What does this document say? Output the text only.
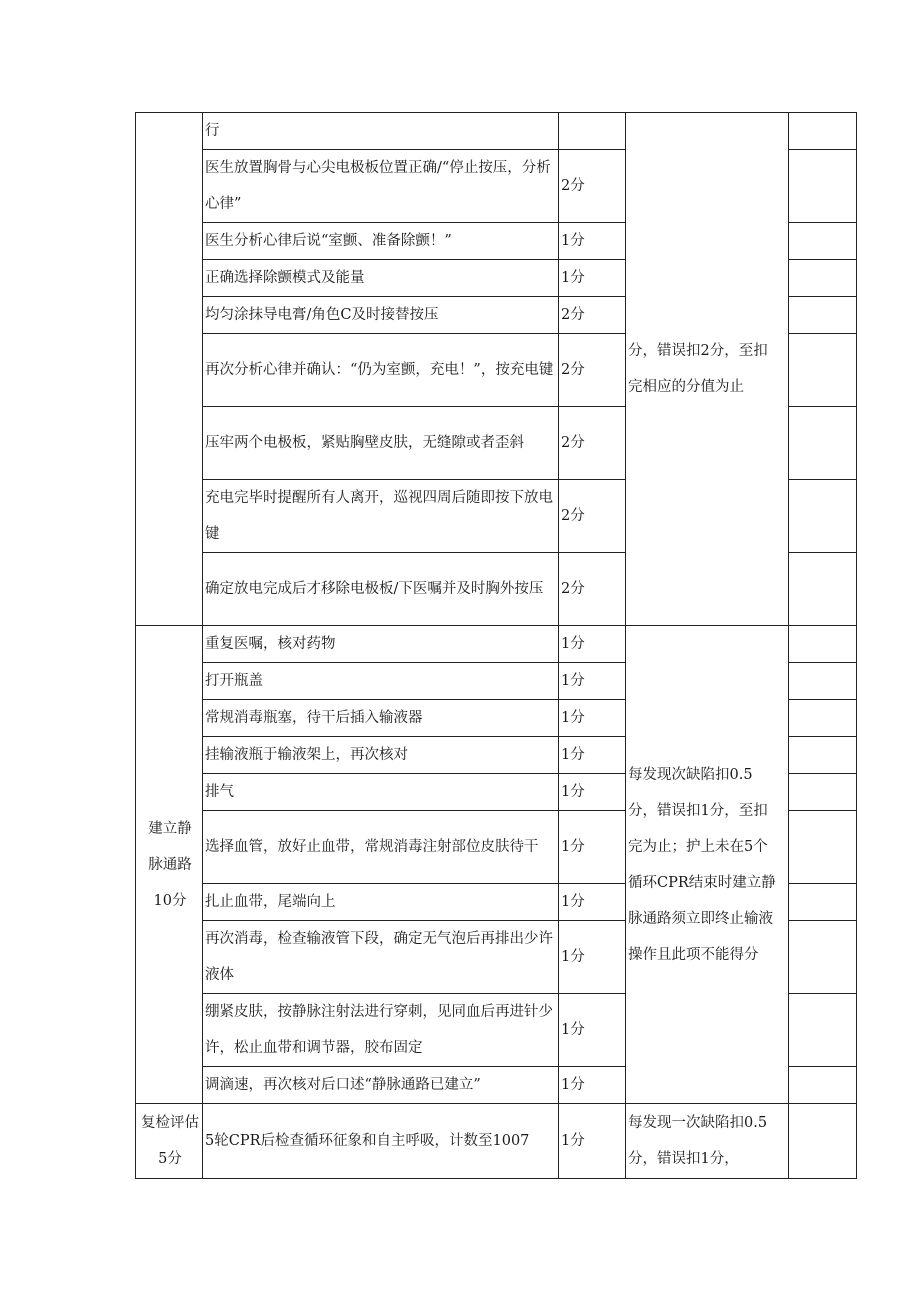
	行		分，错误扣2分，至扣完相应的分值为止	

	医生放置胸骨与心尖电极板位置正确/“停止按压，分析心律”	2分		
	医生分析心律后说“室颤、准备除颤！”	1分		
	正确选择除颤模式及能量	1分		
	均匀涂抹导电膏/角色C及时接替按压	2分		
	再次分析心律并确认：“仍为室颤，充电！”，按充电键	2分		
	压牢两个电极板，紧贴胸壁皮肤，无缝隙或者歪斜	2分		
	充电完毕时提醒所有人离开，巡视四周后随即按下放电键	2分		
	确定放电完成后才移除电极板/下医嘱并及时胸外按压	2分		
建立静脉通路10分	重复医嘱，核对药物	1分	每发现次缺陷扣0.5分，错误扣1分，至扣完为止；护上未在5个循环CPR结束时建立静脉通路须立即终止输液操作且此项不能得分	

	打开瓶盖	1分		
	常规消毒瓶塞，待干后插入输液器	1分		
	挂输液瓶于输液架上，再次核对	1分		
	排气	1分		
	选择血管，放好止血带，常规消毒注射部位皮肤待干	1分		
	扎止血带，尾端向上	1分		
	再次消毒，检查输液管下段，确定无气泡后再排出少许液体	1分		
	绷紧皮肤，按静脉注射法进行穿刺，见同血后再进针少许，松止血带和调节器，胶布固定	1分		
	调滴速，再次核对后口述“静脉通路已建立”	1分		
复检评估5分	5轮CPR后检查循环征象和自主呼吸，计数至1007	1分	每发现一次缺陷扣0.5分，错误扣1分，	
